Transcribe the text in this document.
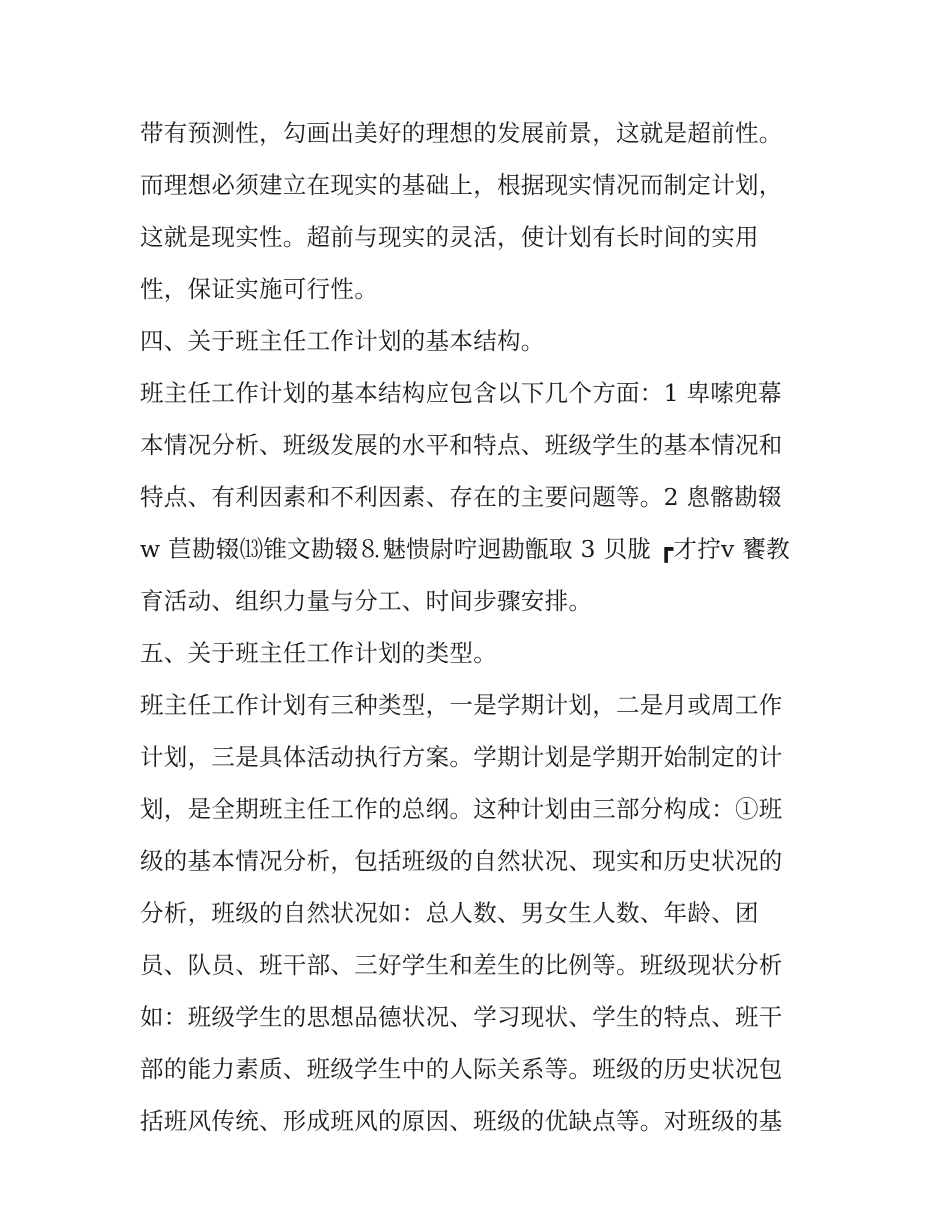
带有预测性，勾画出美好的理想的发展前景，这就是超前性。
而理想必须建立在现实的基础上，根据现实情况而制定计划，
这就是现实性。超前与现实的灵活，使计划有长时间的实用
性，保证实施可行性。
四、关于班主任工作计划的基本结构。
班主任工作计划的基本结构应包含以下几个方面：1 卑嗦兜幕
本情况分析、班级发展的水平和特点、班级学生的基本情况和
特点、有利因素和不利因素、存在的主要问题等。2 悤髂勘辍
w 苣勘辍⒀锥文勘辍⒏魅愦尉咛迥勘甑取 3 贝胧 ┏才拧v 饔教
育活动、组织力量与分工、时间步骤安排。
五、关于班主任工作计划的类型。
班主任工作计划有三种类型，一是学期计划，二是月或周工作
计划，三是具体活动执行方案。学期计划是学期开始制定的计
划，是全期班主任工作的总纲。这种计划由三部分构成：①班
级的基本情况分析，包括班级的自然状况、现实和历史状况的
分析，班级的自然状况如：总人数、男女生人数、年龄、团
员、队员、班干部、三好学生和差生的比例等。班级现状分析
如：班级学生的思想品德状况、学习现状、学生的特点、班干
部的能力素质、班级学生中的人际关系等。班级的历史状况包
括班风传统、形成班风的原因、班级的优缺点等。对班级的基
